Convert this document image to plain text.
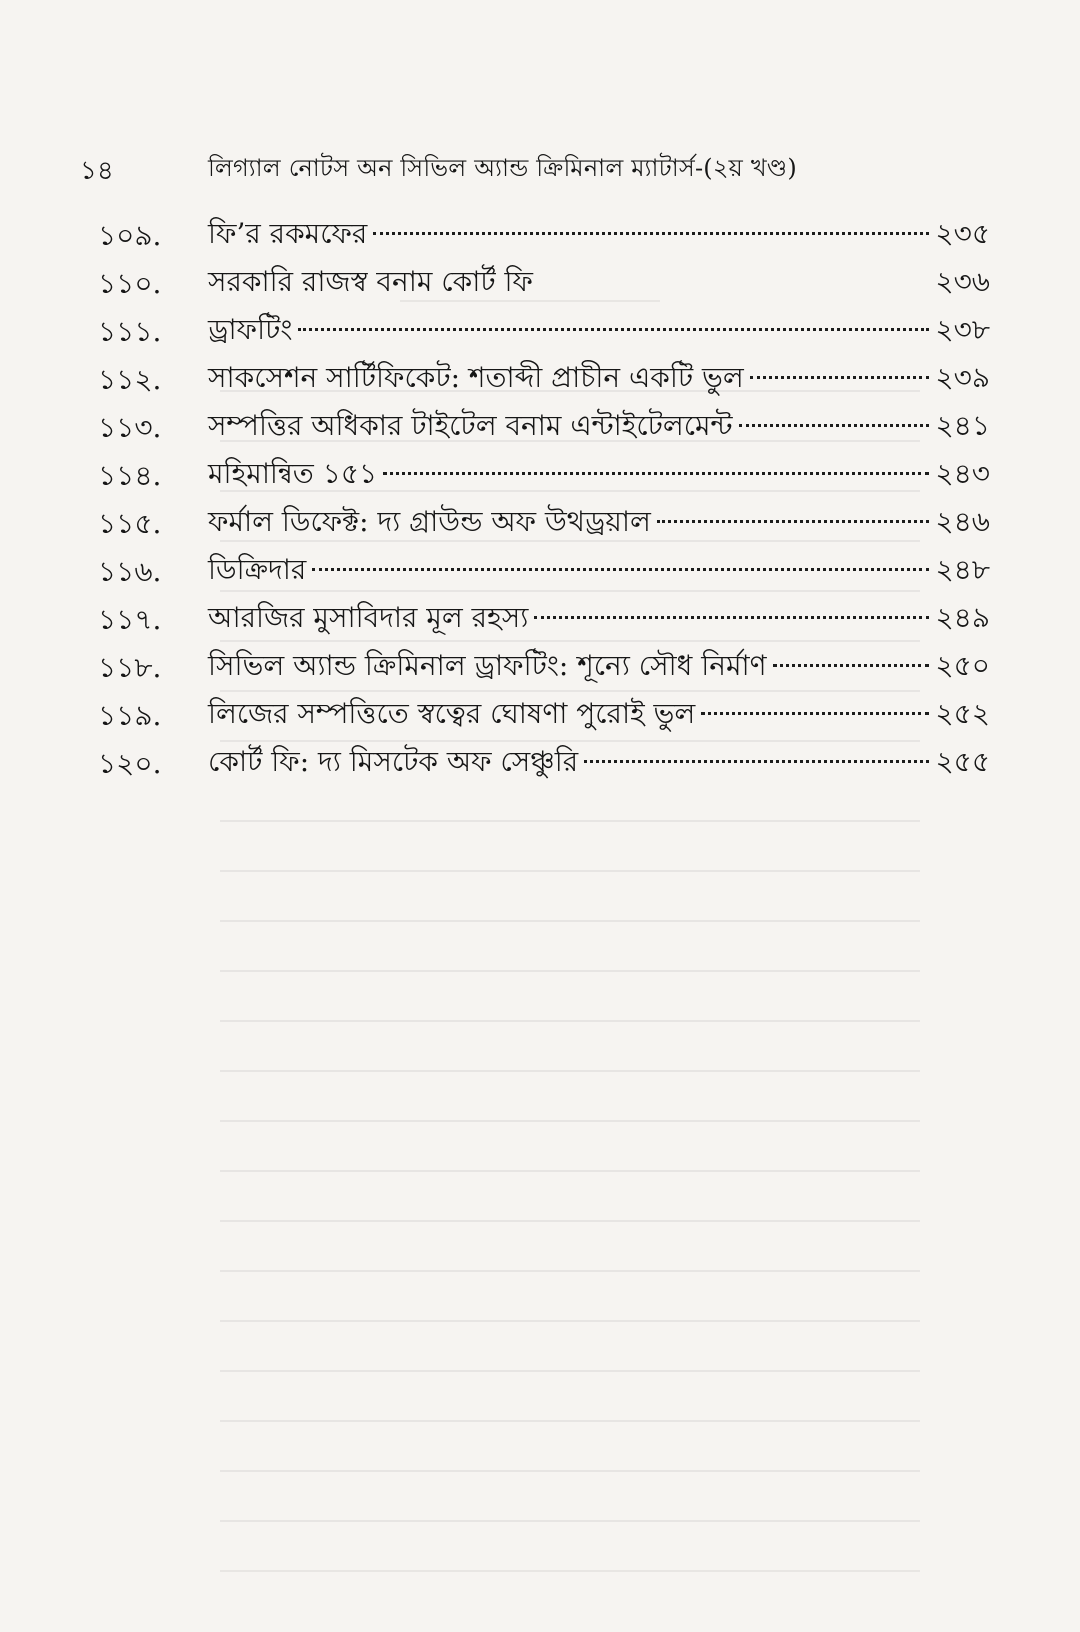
১৪	লিগ্যাল নোটস অন সিভিল অ্যান্ড ক্রিমিনাল ম্যাটার্স-(২য় খণ্ড)
১০৯. ফি’র রকমফের	২৩৫
১১০. সরকারি রাজস্ব বনাম কোর্ট ফি	২৩৬
১১১. ড্রাফটিং	২৩৮
১১২. সাকসেশন সার্টিফিকেট: শতাব্দী প্রাচীন একটি ভুল	২৩৯
১১৩. সম্পত্তির অধিকার টাইটেল বনাম এন্টাইটেলমেন্ট	২৪১
১১৪. মহিমান্বিত ১৫১	২৪৩
১১৫. ফর্মাল ডিফেক্ট: দ্য গ্রাউন্ড অফ উথড্রয়াল	২৪৬
১১৬. ডিক্রিদার	২৪৮
১১৭. আরজির মুসাবিদার মূল রহস্য	২৪৯
১১৮. সিভিল অ্যান্ড ক্রিমিনাল ড্রাফটিং: শূন্যে সৌধ নির্মাণ	২৫০
১১৯. লিজের সম্পত্তিতে স্বত্বের ঘোষণা পুরোই ভুল	২৫২
১২০. কোর্ট ফি: দ্য মিসটেক অফ সেঞ্চুরি	২৫৫
